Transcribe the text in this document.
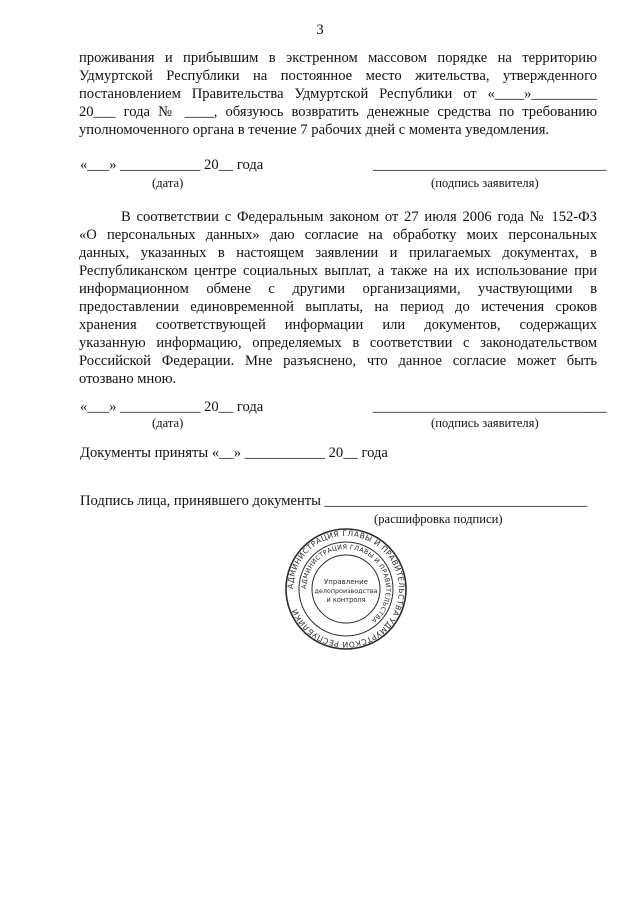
3
проживания и прибывшим в экстренном массовом порядке на территорию
Удмуртской Республики на постоянное место жительства, утвержденного
постановлением Правительства Удмуртской Республики от «____»_________
20___ года № ____, обязуюсь возвратить денежные средства по требованию
уполномоченного органа в течение 7 рабочих дней с момента уведомления.
«___» ___________ 20__ года	________________________________
(дата)	(подпись заявителя)
В соответствии с Федеральным законом от 27 июля 2006 года № 152-ФЗ
«О персональных данных» даю согласие на обработку моих персональных
данных, указанных в настоящем заявлении и прилагаемых документах, в
Республиканском центре социальных выплат, а также на их использование при
информационном обмене с другими организациями, участвующими в
предоставлении единовременной выплаты, на период до истечения сроков
хранения соответствующей информации или документов, содержащих
указанную информацию, определяемых в соответствии с законодательством
Российской Федерации. Мне разъяснено, что данное согласие может быть
отозвано мною.
«___» ___________ 20__ года	________________________________
(дата)	(подпись заявителя)
Документы приняты «__» ___________ 20__ года
Подпись лица, принявшего документы ____________________________________
(расшифровка подписи)
АДМИНИСТРАЦИЯ ГЛАВЫ И ПРАВИТЕЛЬСТВА УДМУРТСКОЙ РЕСПУБЛИКИ
АДМИНИСТРАЦИЯ ГЛАВЫ И ПРАВИТЕЛЬСТВА
Управление
делопроизводства
и контроля
